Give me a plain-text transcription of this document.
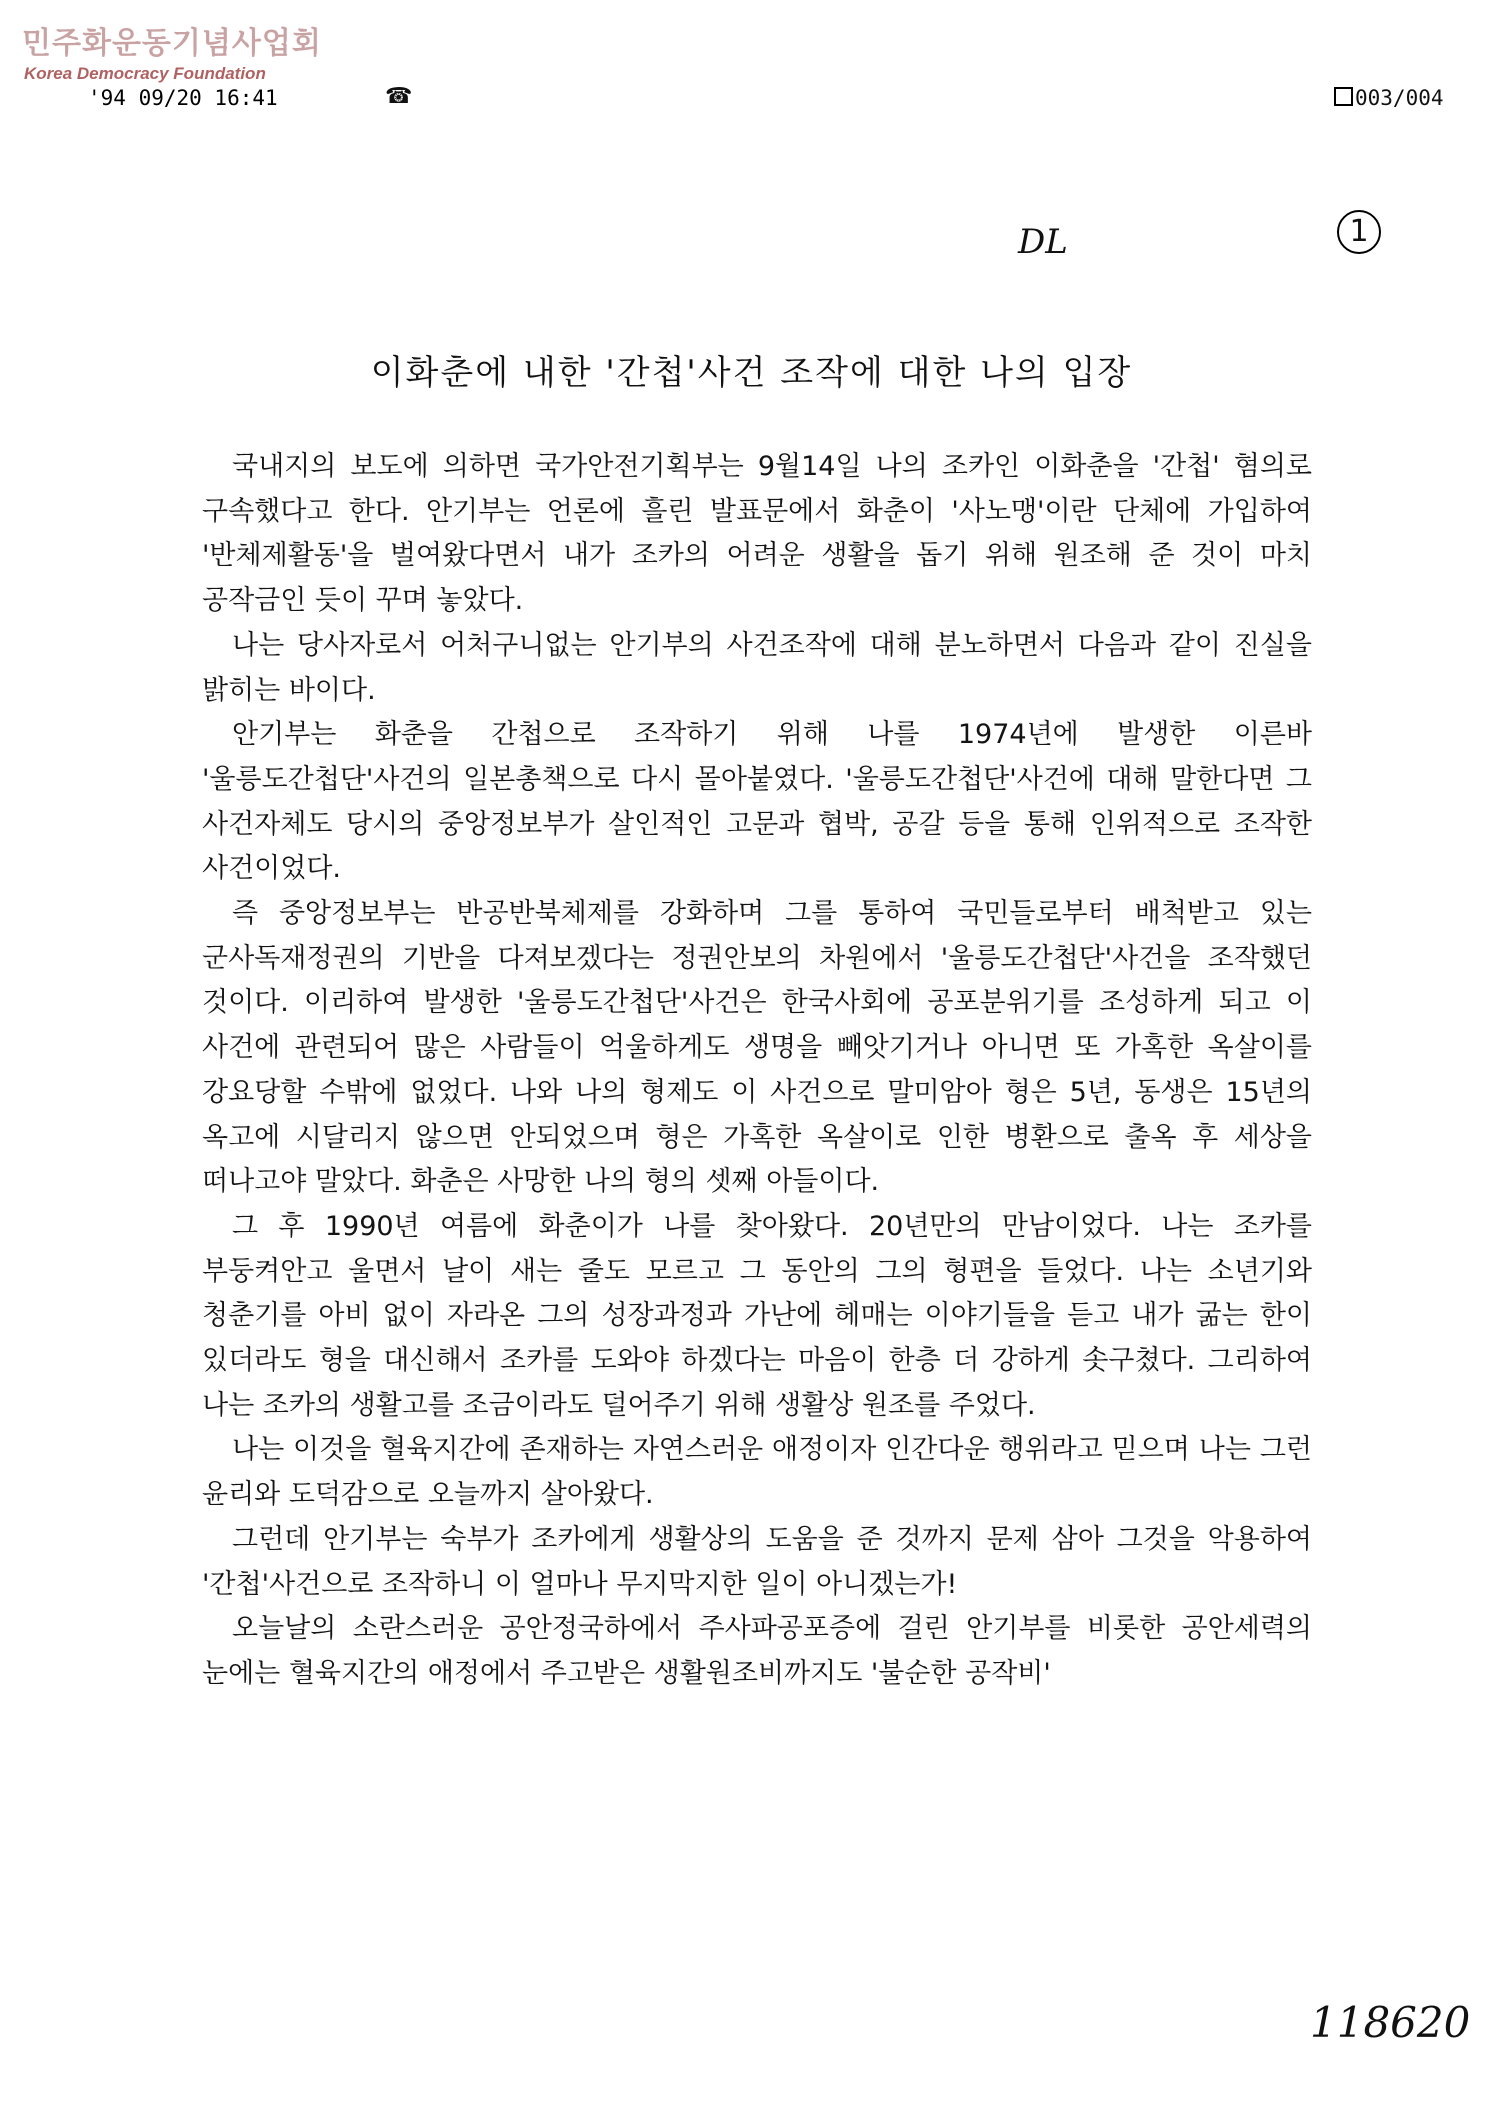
민주화운동기념사업회
Korea Democracy Foundation
'94 09/20 16:41	☎	003/004
DL	1
이화춘에 내한 '간첩'사건 조작에 대한 나의 입장

국내지의 보도에 의하면 국가안전기획부는 9월14일 나의 조카인 이화춘을 '간첩' 혐의로 구속했다고 한다. 안기부는 언론에 흘린 발표문에서 화춘이 '사노맹'이란 단체에 가입하여 '반체제활동'을 벌여왔다면서 내가 조카의 어려운 생활을 돕기 위해 원조해 준 것이 마치 공작금인 듯이 꾸며 놓았다.

나는 당사자로서 어처구니없는 안기부의 사건조작에 대해 분노하면서 다음과 같이 진실을 밝히는 바이다.

안기부는 화춘을 간첩으로 조작하기 위해 나를 1974년에 발생한 이른바 '울릉도간첩단'사건의 일본총책으로 다시 몰아붙였다. '울릉도간첩단'사건에 대해 말한다면 그 사건자체도 당시의 중앙정보부가 살인적인 고문과 협박, 공갈 등을 통해 인위적으로 조작한 사건이었다.

즉 중앙정보부는 반공반북체제를 강화하며 그를 통하여 국민들로부터 배척받고 있는 군사독재정권의 기반을 다져보겠다는 정권안보의 차원에서 '울릉도간첩단'사건을 조작했던 것이다. 이리하여 발생한 '울릉도간첩단'사건은 한국사회에 공포분위기를 조성하게 되고 이 사건에 관련되어 많은 사람들이 억울하게도 생명을 빼앗기거나 아니면 또 가혹한 옥살이를 강요당할 수밖에 없었다. 나와 나의 형제도 이 사건으로 말미암아 형은 5년, 동생은 15년의 옥고에 시달리지 않으면 안되었으며 형은 가혹한 옥살이로 인한 병환으로 출옥 후 세상을 떠나고야 말았다. 화춘은 사망한 나의 형의 셋째 아들이다.

그 후 1990년 여름에 화춘이가 나를 찾아왔다. 20년만의 만남이었다. 나는 조카를 부둥켜안고 울면서 날이 새는 줄도 모르고 그 동안의 그의 형편을 들었다. 나는 소년기와 청춘기를 아비 없이 자라온 그의 성장과정과 가난에 헤매는 이야기들을 듣고 내가 굶는 한이 있더라도 형을 대신해서 조카를 도와야 하겠다는 마음이 한층 더 강하게 솟구쳤다. 그리하여 나는 조카의 생활고를 조금이라도 덜어주기 위해 생활상 원조를 주었다.

나는 이것을 혈육지간에 존재하는 자연스러운 애정이자 인간다운 행위라고 믿으며 나는 그런 윤리와 도덕감으로 오늘까지 살아왔다.

그런데 안기부는 숙부가 조카에게 생활상의 도움을 준 것까지 문제 삼아 그것을 악용하여 '간첩'사건으로 조작하니 이 얼마나 무지막지한 일이 아니겠는가!

오늘날의 소란스러운 공안정국하에서 주사파공포증에 걸린 안기부를 비롯한 공안세력의 눈에는 혈육지간의 애정에서 주고받은 생활원조비까지도 '불순한 공작비'

118620
